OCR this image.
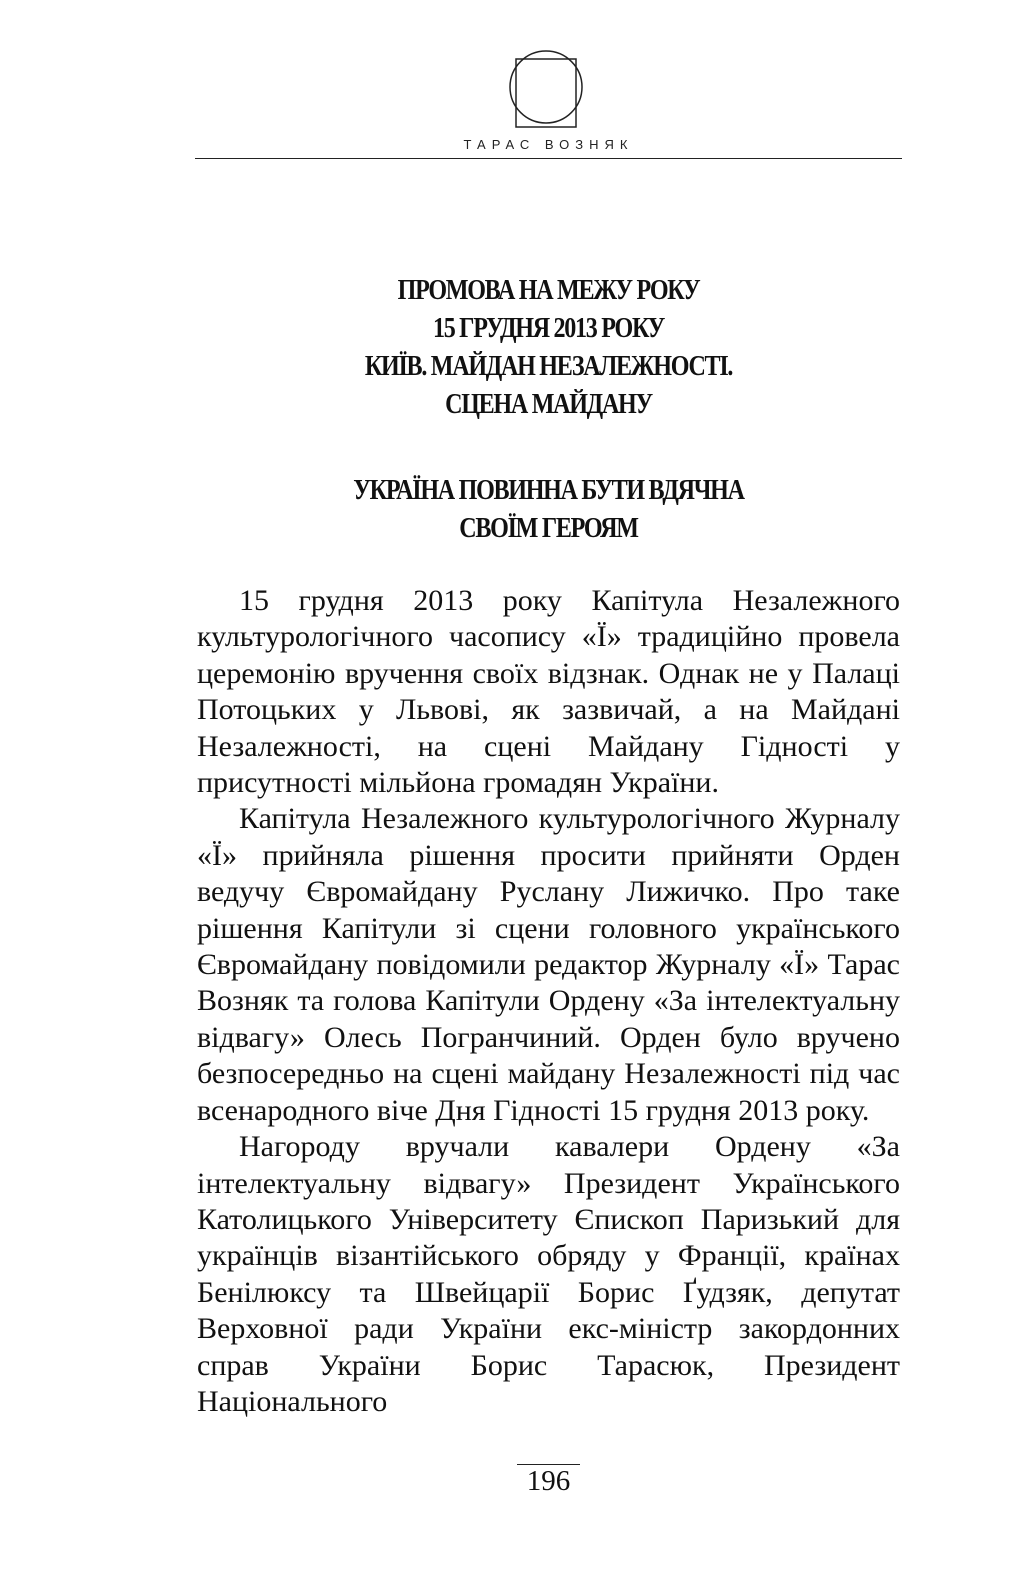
ТАРАС ВОЗНЯК
ПРОМОВА НА МЕЖУ РОКУ
15 ГРУДНЯ 2013 РОКУ
КИЇВ. МАЙДАН НЕЗАЛЕЖНОСТІ.
СЦЕНА МАЙДАНУ
УКРАЇНА ПОВИННА БУТИ ВДЯЧНА
СВОЇМ ГЕРОЯМ

15 грудня 2013 року Капітула Незалежного культурологічного часопису «Ї» традиційно провела церемонію вручення своїх відзнак. Однак не у Палаці Потоцьких у Львові, як зазвичай, а на Майдані Незалежності, на сцені Майдану Гідності у присутності мільйона громадян України.

Капітула Незалежного культурологічного Журналу «Ї» прийняла рішення просити прийняти Орден ведучу Євромайдану Руслану Лижичко. Про таке рішення Капітули зі сцени головного українського Євромайдану повідомили редактор Журналу «Ї» Тарас Возняк та голова Капітули Ордену «За інтелектуальну відвагу» Олесь Погранчиний. Орден було вручено безпосередньо на сцені майдану Незалежності під час всенародного віче Дня Гідності 15 грудня 2013 року.

Нагороду вручали кавалери Ордену «За інтелектуальну відвагу» Президент Українського Католицького Університету Єпископ Паризький для українців візантійського обряду у Франції, країнах Бенілюксу та Швейцарії Борис Ґудзяк, депутат Верховної ради України екс-міністр закордонних справ України Борис Тарасюк, Президент Національного

196
